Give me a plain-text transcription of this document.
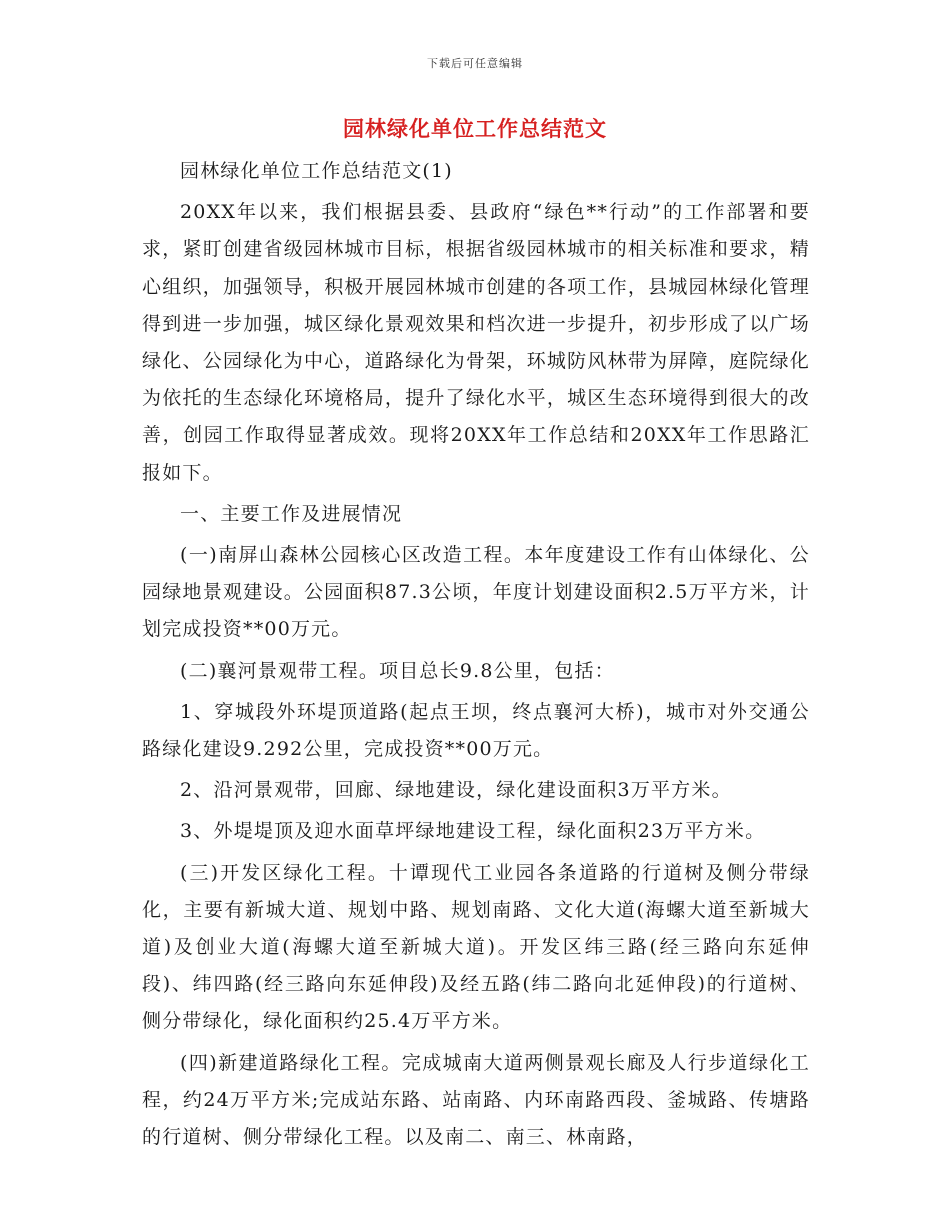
下载后可任意编辑
园林绿化单位工作总结范文

园林绿化单位工作总结范文(1)

20XX年以来，我们根据县委、县政府“绿色**行动”的工作部署和要求，紧盯创建省级园林城市目标，根据省级园林城市的相关标准和要求，精心组织，加强领导，积极开展园林城市创建的各项工作，县城园林绿化管理得到进一步加强，城区绿化景观效果和档次进一步提升，初步形成了以广场绿化、公园绿化为中心，道路绿化为骨架，环城防风林带为屏障，庭院绿化为依托的生态绿化环境格局，提升了绿化水平，城区生态环境得到很大的改善，创园工作取得显著成效。现将20XX年工作总结和20XX年工作思路汇报如下。

一、主要工作及进展情况

(一)南屏山森林公园核心区改造工程。本年度建设工作有山体绿化、公园绿地景观建设。公园面积87.3公顷，年度计划建设面积2.5万平方米，计划完成投资**00万元。

(二)襄河景观带工程。项目总长9.8公里，包括：

1、穿城段外环堤顶道路(起点王坝，终点襄河大桥)，城市对外交通公路绿化建设9.292公里，完成投资**00万元。

2、沿河景观带，回廊、绿地建设，绿化建设面积3万平方米。

3、外堤堤顶及迎水面草坪绿地建设工程，绿化面积23万平方米。

(三)开发区绿化工程。十谭现代工业园各条道路的行道树及侧分带绿化，主要有新城大道、规划中路、规划南路、文化大道(海螺大道至新城大道)及创业大道(海螺大道至新城大道)。开发区纬三路(经三路向东延伸段)、纬四路(经三路向东延伸段)及经五路(纬二路向北延伸段)的行道树、侧分带绿化，绿化面积约25.4万平方米。

(四)新建道路绿化工程。完成城南大道两侧景观长廊及人行步道绿化工程，约24万平方米;完成站东路、站南路、内环南路西段、釜城路、传塘路的行道树、侧分带绿化工程。以及南二、南三、林南路，
